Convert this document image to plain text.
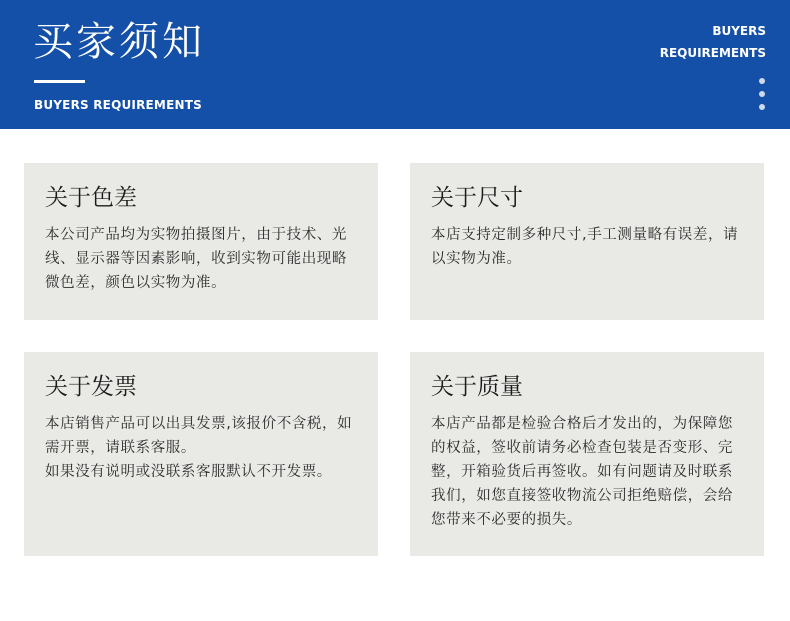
买家须知
BUYERS REQUIREMENTS
BUYERS
REQUIREMENTS
关于色差

本公司产品均为实物拍摄图片，由于技术、光线、显示器等因素影响，收到实物可能出现略微色差，颜色以实物为准。

关于尺寸

本店支持定制多种尺寸,手工测量略有误差，请以实物为准。

关于发票

本店销售产品可以出具发票,该报价不含税，如需开票，请联系客服。

如果没有说明或没联系客服默认不开发票。

关于质量

本店产品都是检验合格后才发出的，为保障您的权益，签收前请务必检查包装是否变形、完整，开箱验货后再签收。如有问题请及时联系我们，如您直接签收物流公司拒绝赔偿，会给您带来不必要的损失。
